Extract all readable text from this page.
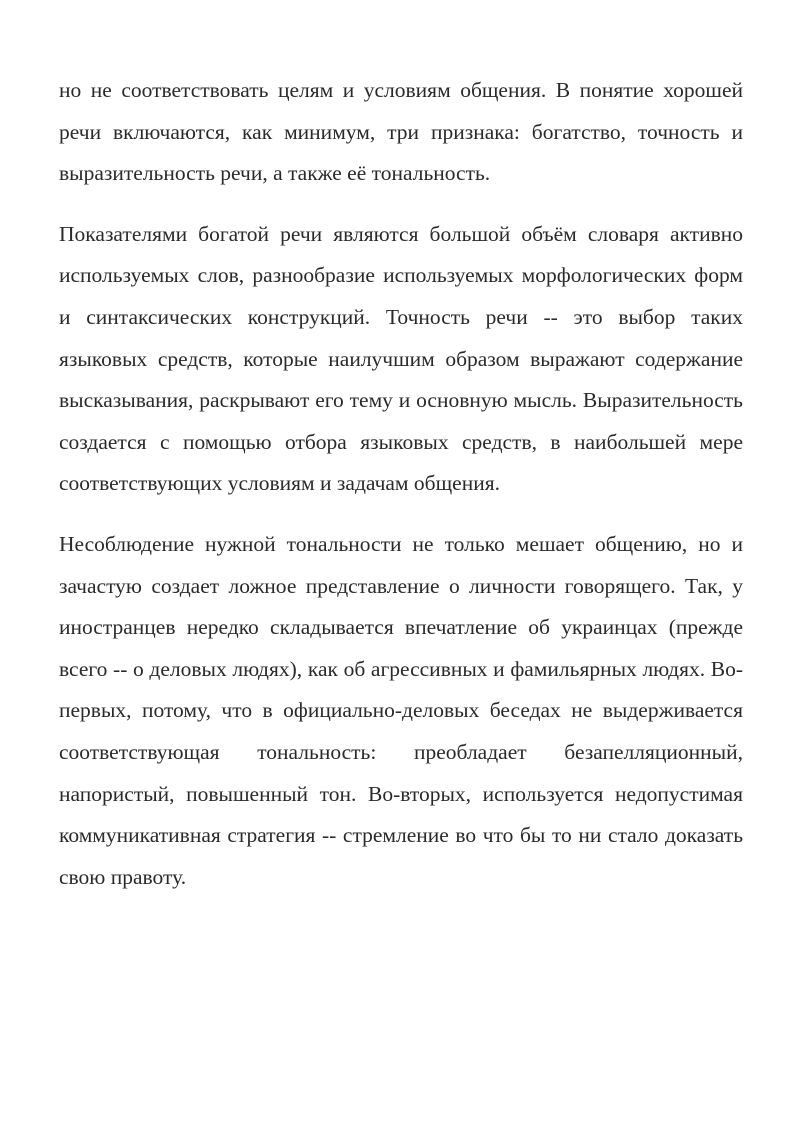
но не соответствовать целям и условиям общения. В понятие хорошей речи включаются, как минимум, три признака: богатство, точность и выразительность речи, а также её тональность.

Показателями богатой речи являются большой объём словаря активно используемых слов, разнообразие используемых морфологических форм и синтаксических конструкций. Точность речи -- это выбор таких языковых средств, которые наилучшим образом выражают содержание высказывания, раскрывают его тему и основную мысль. Выразительность создается с помощью отбора языковых средств, в наибольшей мере соответствующих условиям и задачам общения.

Несоблюдение нужной тональности не только мешает общению, но и зачастую создает ложное представление о личности говорящего. Так, у иностранцев нередко складывается впечатление об украинцах (прежде всего -- о деловых людях), как об агрессивных и фамильярных людях. Во-первых, потому, что в официально-деловых беседах не выдерживается соответствующая тональность: преобладает безапелляционный, напористый, повышенный тон. Во-вторых, используется недопустимая коммуникативная стратегия -- стремление во что бы то ни стало доказать свою правоту.
